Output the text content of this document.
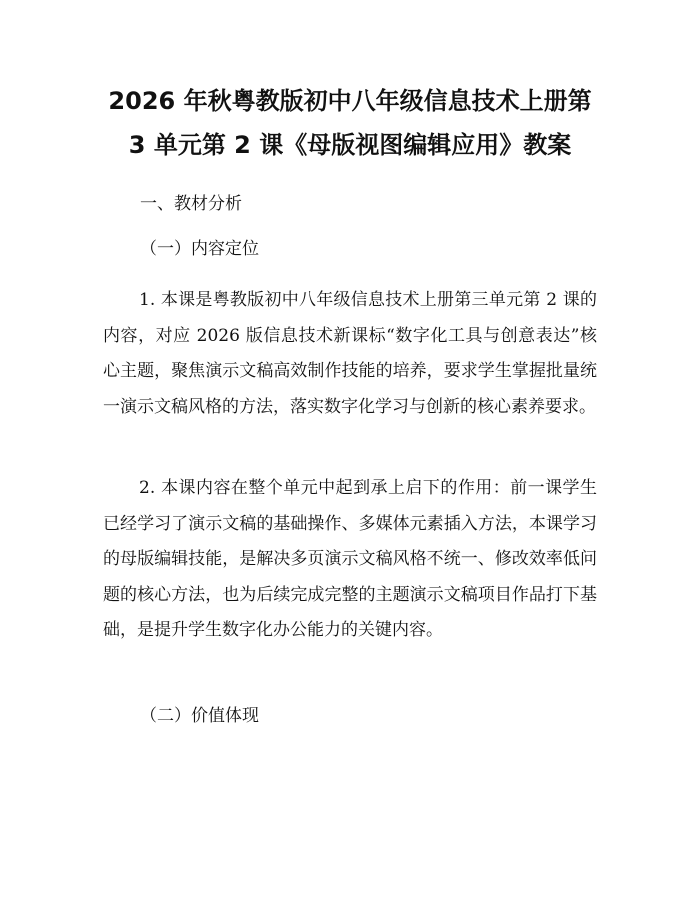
2026 年秋粤教版初中八年级信息技术上册第
3 单元第 2 课《母版视图编辑应用》教案

一、教材分析

（一）内容定位

1. 本课是粤教版初中八年级信息技术上册第三单元第 2 课的内容，对应 2026 版信息技术新课标“数字化工具与创意表达”核心主题，聚焦演示文稿高效制作技能的培养，要求学生掌握批量统一演示文稿风格的方法，落实数字化学习与创新的核心素养要求。

2. 本课内容在整个单元中起到承上启下的作用：前一课学生已经学习了演示文稿的基础操作、多媒体元素插入方法，本课学习的母版编辑技能，是解决多页演示文稿风格不统一、修改效率低问题的核心方法，也为后续完成完整的主题演示文稿项目作品打下基础，是提升学生数字化办公能力的关键内容。

（二）价值体现
